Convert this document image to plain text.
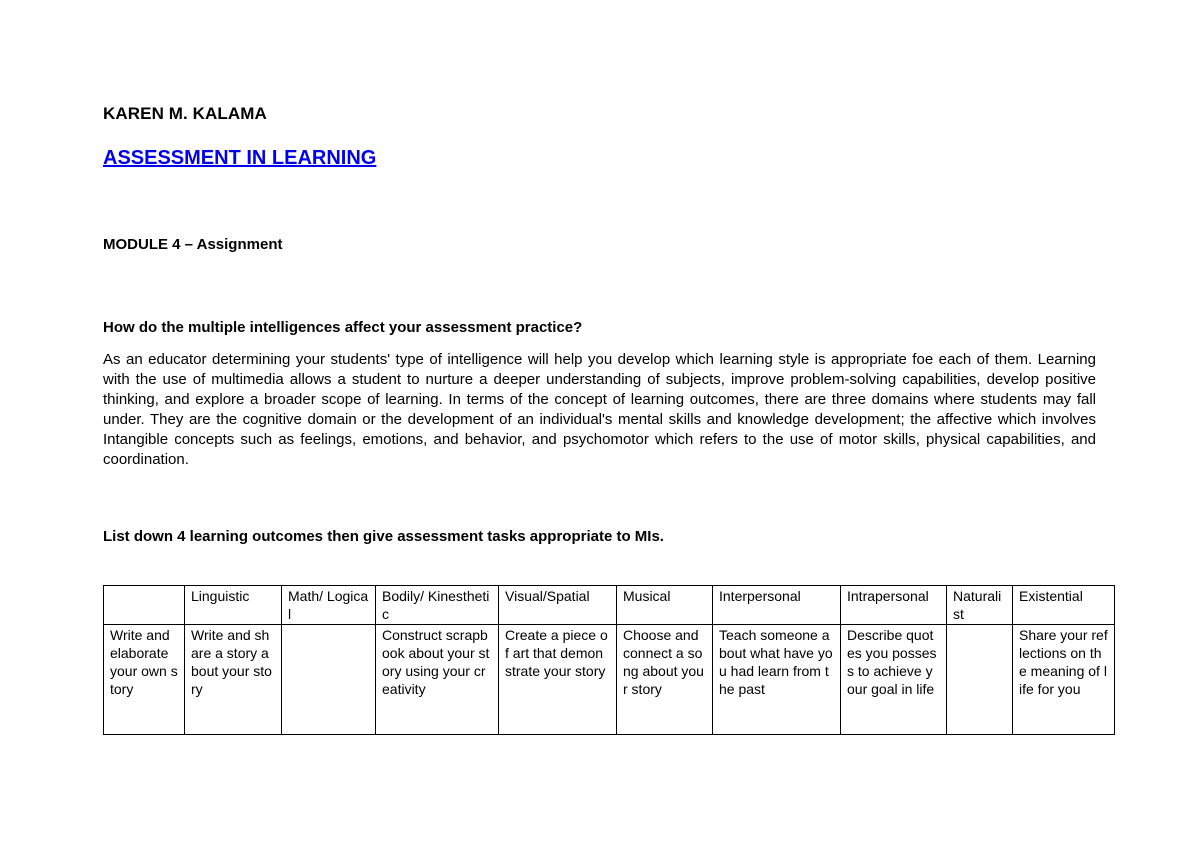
KAREN M. KALAMA

ASSESSMENT IN LEARNING

MODULE 4 – Assignment

How do the multiple intelligences affect your assessment practice?

As an educator determining your students' type of intelligence will help you develop which learning style is appropriate foe each of them. Learning with the use of multimedia allows a student to nurture a deeper understanding of subjects, improve problem-solving capabilities, develop positive thinking, and explore a broader scope of learning. In terms of the concept of learning outcomes, there are three domains where students may fall under. They are the cognitive domain or the development of an individual's mental skills and knowledge development; the affective which involves Intangible concepts such as feelings, emotions, and behavior, and psychomotor which refers to the use of motor skills, physical capabilities, and coordination.

List down 4 learning outcomes then give assessment tasks appropriate to MIs.

	Linguistic	Math/ Logical	Bodily/ Kinesthetic	Visual/Spatial	Musical	Interpersonal	Intrapersonal	Naturalist	Existential
Write and elaborate your own story	Write and share a story about your story		Construct scrapbook about your story using your creativity	Create a piece of art that demonstrate your story	Choose and connect a song about your story	Teach someone about what have you had learn from the past	Describe quotes you possess to achieve your goal in life		Share your reflections on the meaning of life for you
